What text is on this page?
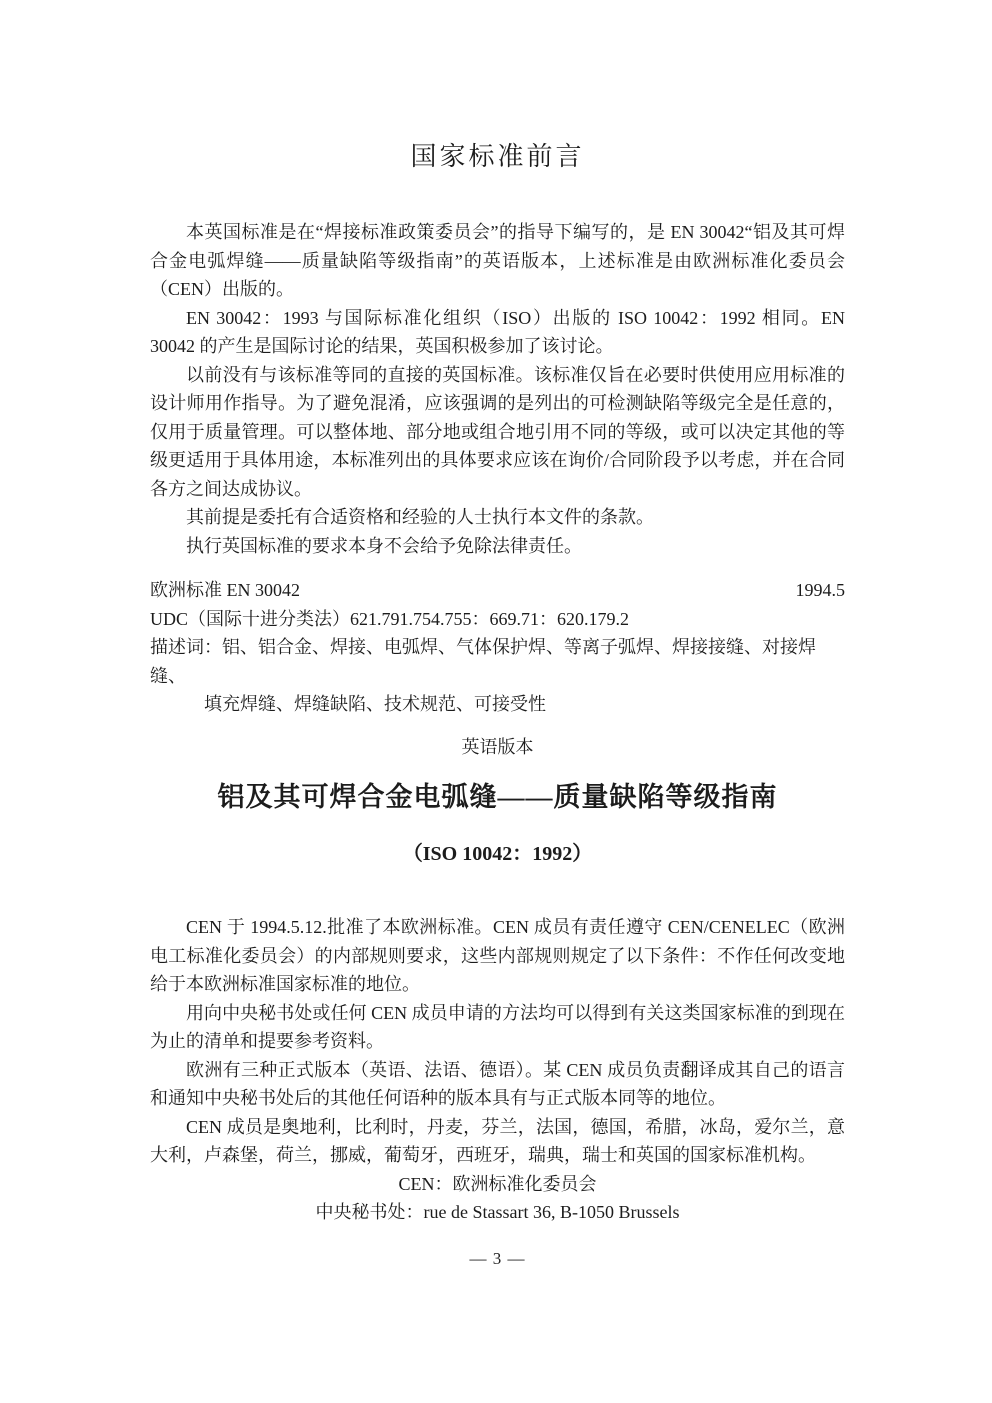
国家标准前言

本英国标准是在“焊接标准政策委员会”的指导下编写的，是 EN 30042“铝及其可焊合金电弧焊缝——质量缺陷等级指南”的英语版本，上述标准是由欧洲标准化委员会（CEN）出版的。

EN 30042：1993 与国际标准化组织（ISO）出版的 ISO 10042：1992 相同。EN 30042 的产生是国际讨论的结果，英国积极参加了该讨论。

以前没有与该标准等同的直接的英国标准。该标准仅旨在必要时供使用应用标准的设计师用作指导。为了避免混淆，应该强调的是列出的可检测缺陷等级完全是任意的，仅用于质量管理。可以整体地、部分地或组合地引用不同的等级，或可以决定其他的等级更适用于具体用途，本标准列出的具体要求应该在询价/合同阶段予以考虑，并在合同各方之间达成协议。

其前提是委托有合适资格和经验的人士执行本文件的条款。

执行英国标准的要求本身不会给予免除法律责任。

欧洲标准 EN 30042	1994.5
UDC（国际十进分类法）621.791.754.755：669.71：620.179.2
描述词：铝、铝合金、焊接、电弧焊、气体保护焊、等离子弧焊、焊接接缝、对接焊缝、
填充焊缝、焊缝缺陷、技术规范、可接受性
英语版本
铝及其可焊合金电弧缝——质量缺陷等级指南
（ISO 10042：1992）

CEN 于 1994.5.12.批准了本欧洲标准。CEN 成员有责任遵守 CEN/CENELEC（欧洲电工标准化委员会）的内部规则要求，这些内部规则规定了以下条件：不作任何改变地给于本欧洲标准国家标准的地位。

用向中央秘书处或任何 CEN 成员申请的方法均可以得到有关这类国家标准的到现在为止的清单和提要参考资料。

欧洲有三种正式版本（英语、法语、德语）。某 CEN 成员负责翻译成其自己的语言和通知中央秘书处后的其他任何语种的版本具有与正式版本同等的地位。

CEN 成员是奥地利，比利时，丹麦，芬兰，法国，德国，希腊，冰岛，爱尔兰，意大利，卢森堡，荷兰，挪威，葡萄牙，西班牙，瑞典，瑞士和英国的国家标准机构。

CEN：欧洲标准化委员会
中央秘书处：rue de Stassart 36, B-1050 Brussels
— 3 —
